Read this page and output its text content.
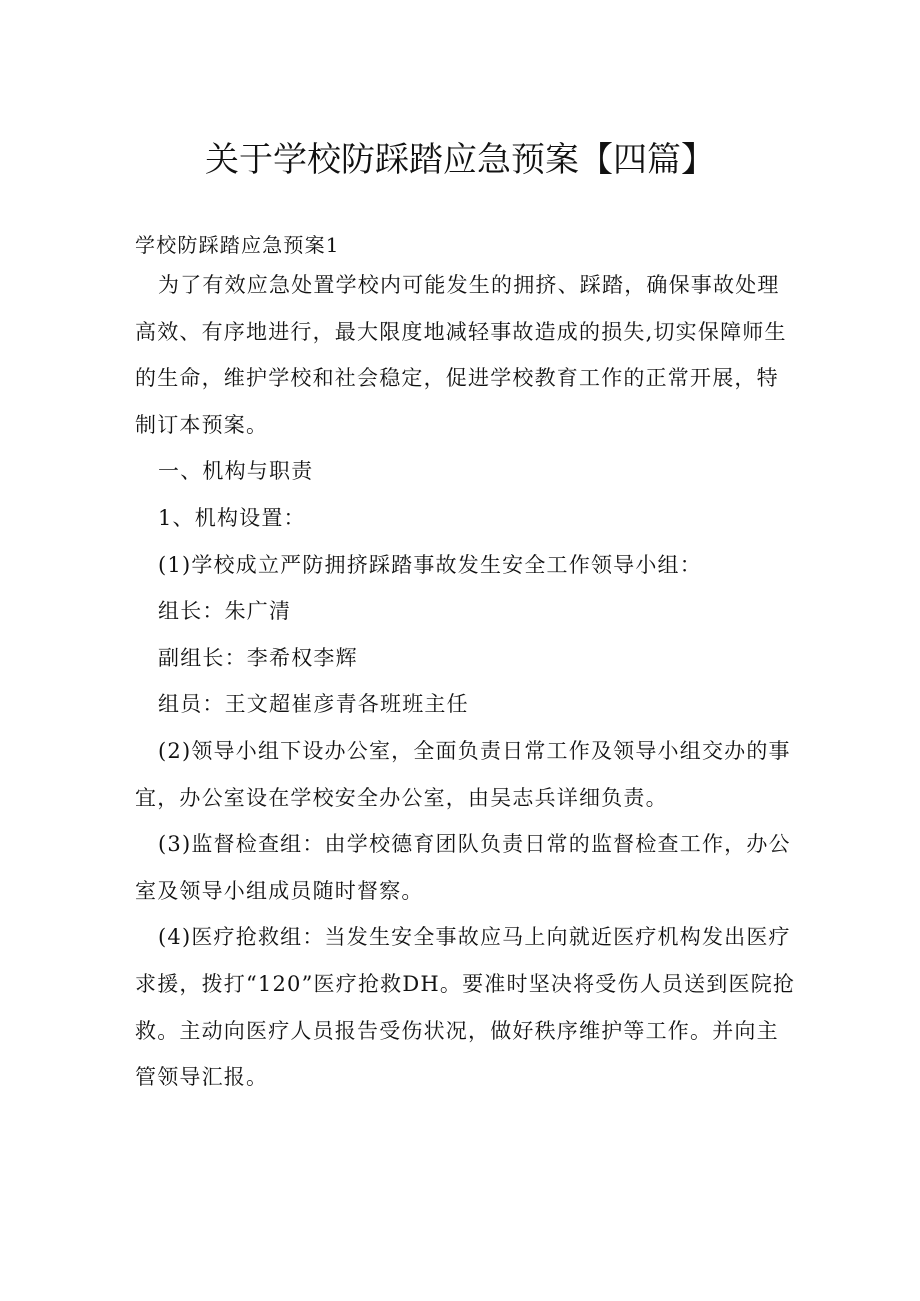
关于学校防踩踏应急预案【四篇】
学校防踩踏应急预案1

为了有效应急处置学校内可能发生的拥挤、踩踏，确保事故处理高效、有序地进行，最大限度地减轻事故造成的损失,切实保障师生的生命，维护学校和社会稳定，促进学校教育工作的正常开展，特制订本预案。

一、机构与职责

1、机构设置：

(1)学校成立严防拥挤踩踏事故发生安全工作领导小组：

组长：朱广清

副组长：李希权李辉

组员：王文超崔彦青各班班主任

(2)领导小组下设办公室，全面负责日常工作及领导小组交办的事宜，办公室设在学校安全办公室，由吴志兵详细负责。

(3)监督检查组：由学校德育团队负责日常的监督检查工作，办公室及领导小组成员随时督察。

(4)医疗抢救组：当发生安全事故应马上向就近医疗机构发出医疗求援，拨打“120”医疗抢救DH。要准时坚决将受伤人员送到医院抢救。主动向医疗人员报告受伤状况，做好秩序维护等工作。并向主管领导汇报。
